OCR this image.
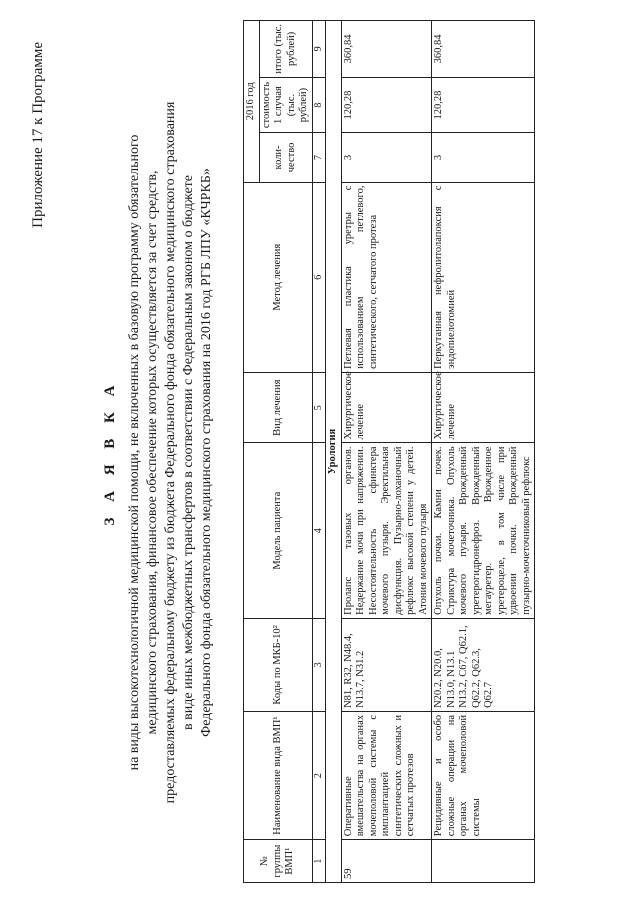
Приложение 17 к Программе
З А Я В К А на виды высокотехнологичной медицинской помощи, не включенных в базовую программу обязательного медицинского страхования, финансовое обеспечение которых осуществляется за счет средств, предоставляемых федеральному бюджету из бюджета Федерального фонда обязательного медицинского страхования в виде иных межбюджетных трансфертов в соответствии с Федеральным законом о бюджете Федерального фонда обязательного медицинского страхования на 2016 год РГБ ЛПУ «КЧРКБ»
№ группы ВМП¹	Наименование вида ВМП¹	Коды по МКБ-10²	Модель пациента	Вид лечения	Метод лечения	2016 год		
						коли-чество	стоимость 1 случая (тыс. рублей)	итого (тыс. рублей)
1	2	3	4	5	6	7	8	9
Урология								
59	Оперативные вмешательства на органах мочеполовой системы с имплантацией синтетических сложных и сетчатых протезов	N81, R32, N48.4, N13.7, N31.2	Пролапс тазовых органов. Недержание мочи при напряжении. Несостоятельность сфинктера мочевого пузыря. Эректильная дисфункция. Пузырно-лоханочный рефлюкс высокой степени у детей. Атония мочевого пузыря	Хирургическое лечение	Петлевая пластика уретры с использованием петлевого, синтетического, сетчатого протеза	3	120,28	360,84
	Рецидивные и особо сложные операции на органах мочеполовой системы	N20.2, N20.0, N13.0, N13.1 N13.2, C67, Q62.1, Q62.2, Q62.3, Q62.7	Опухоль почки. Камни почек. Стриктура мочеточника. Опухоль мочевого пузыря. Врожденный уретерогидронефроз. Врожденный мегауретер. Врожденное уретероцеле, в том числе при удвоении почки. Врожденный пузырно-мочеточниковый рефлюкс	Хирургическое лечение	Перкутанная нефролитолапоксия с эндопиелотомией	3	120,28	360,84
